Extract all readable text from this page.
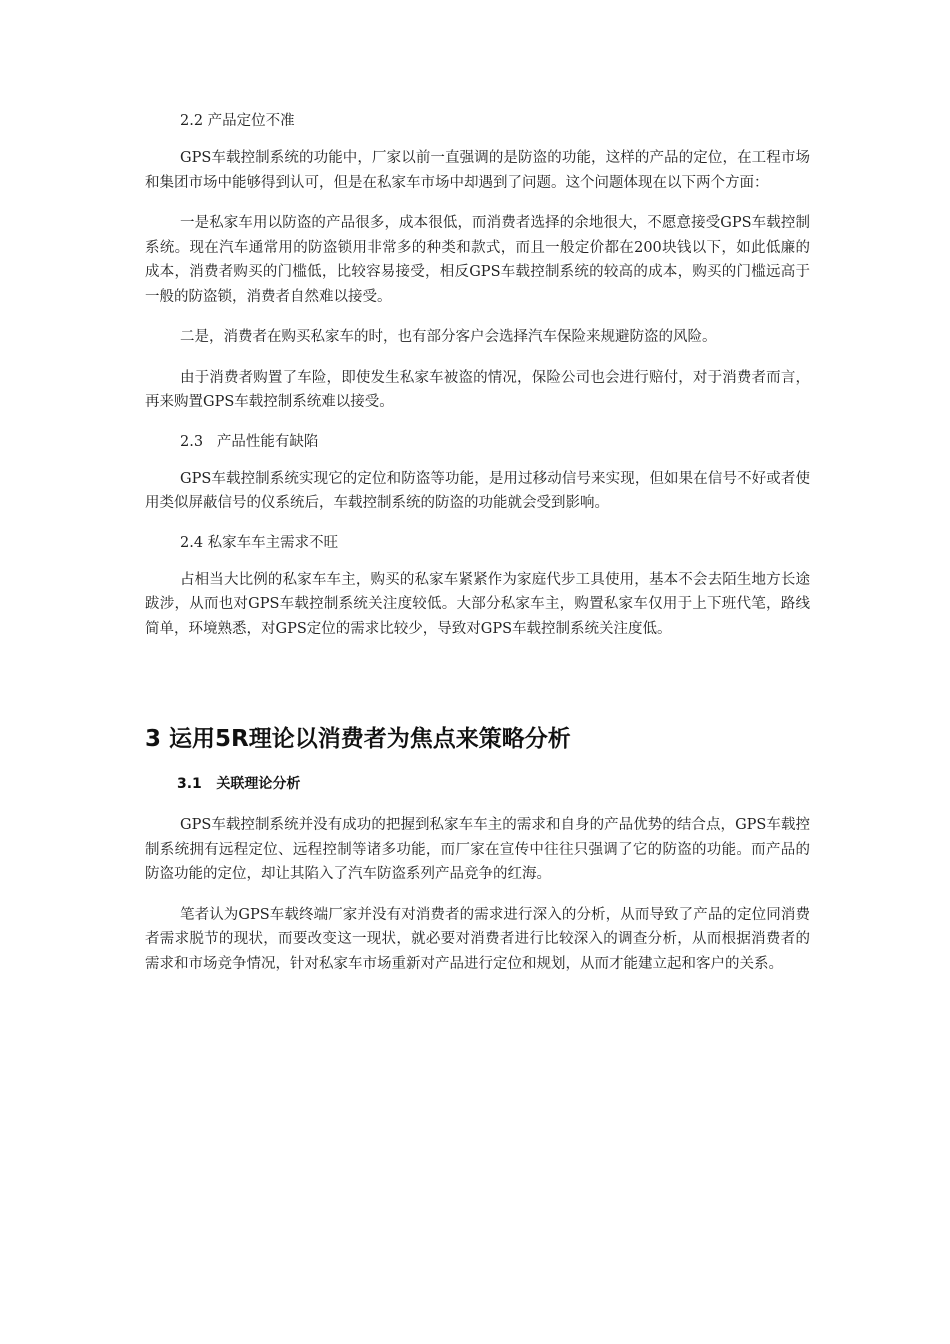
2.2 产品定位不准

GPS车载控制系统的功能中，厂家以前一直强调的是防盗的功能，这样的产品的定位，在工程市场和集团市场中能够得到认可，但是在私家车市场中却遇到了问题。这个问题体现在以下两个方面：

一是私家车用以防盗的产品很多，成本很低，而消费者选择的余地很大，不愿意接受GPS车载控制系统。现在汽车通常用的防盗锁用非常多的种类和款式，而且一般定价都在200块钱以下，如此低廉的成本，消费者购买的门槛低，比较容易接受，相反GPS车载控制系统的较高的成本，购买的门槛远高于一般的防盗锁，消费者自然难以接受。

二是，消费者在购买私家车的时，也有部分客户会选择汽车保险来规避防盗的风险。

由于消费者购置了车险，即使发生私家车被盗的情况，保险公司也会进行赔付，对于消费者而言，再来购置GPS车载控制系统难以接受。

2.3   产品性能有缺陷

GPS车载控制系统实现它的定位和防盗等功能，是用过移动信号来实现，但如果在信号不好或者使用类似屏蔽信号的仪系统后，车载控制系统的防盗的功能就会受到影响。

2.4 私家车车主需求不旺

占相当大比例的私家车车主，购买的私家车紧紧作为家庭代步工具使用，基本不会去陌生地方长途跋涉，从而也对GPS车载控制系统关注度较低。大部分私家车主，购置私家车仅用于上下班代笔，路线简单，环境熟悉，对GPS定位的需求比较少，导致对GPS车载控制系统关注度低。

3 运用5R理论以消费者为焦点来策略分析
3.1   关联理论分析

GPS车载控制系统并没有成功的把握到私家车车主的需求和自身的产品优势的结合点，GPS车载控制系统拥有远程定位、远程控制等诸多功能，而厂家在宣传中往往只强调了它的防盗的功能。而产品的防盗功能的定位，却让其陷入了汽车防盗系列产品竞争的红海。

笔者认为GPS车载终端厂家并没有对消费者的需求进行深入的分析，从而导致了产品的定位同消费者需求脱节的现状，而要改变这一现状，就必要对消费者进行比较深入的调查分析，从而根据消费者的需求和市场竞争情况，针对私家车市场重新对产品进行定位和规划，从而才能建立起和客户的关系。
